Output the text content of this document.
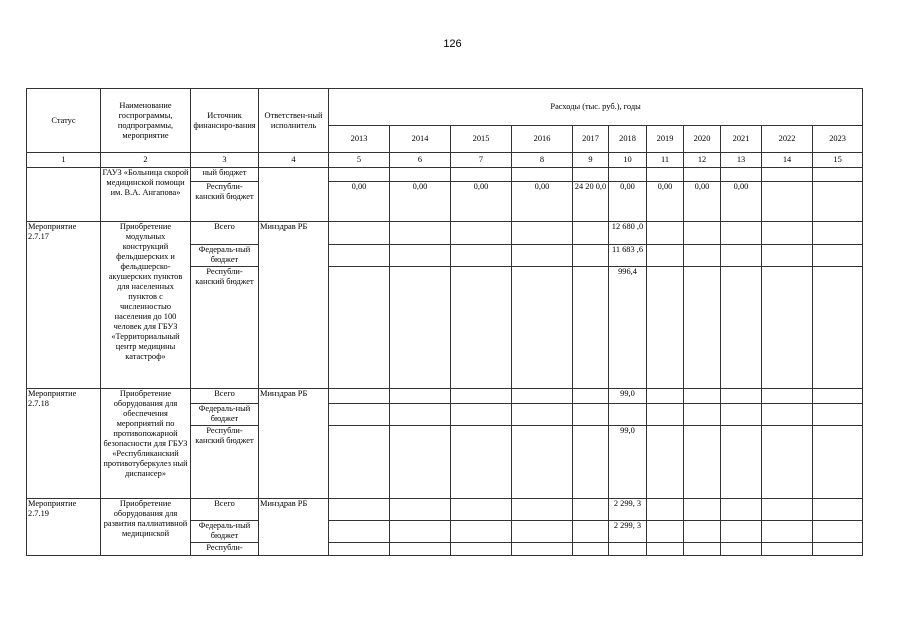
126
Статус	Наименование госпрограммы, подпрограммы, мероприятие	Источник финансиро-вания	Ответствен-ный исполнитель	Расходы (тыс. руб.), годы										
				2013	2014	2015	2016	2017	2018	2019	2020	2021	2022	2023
1	2	3	4	5	6	7	8	9	10	11	12	13	14	15
	ГАУЗ «Больница скорой медицинской помощи им. В.А. Ангапова»	ный бюджет												
		Республи-канский бюджет		0,00	0,00	0,00	0,00	24 20 0,0	0,00	0,00	0,00	0,00		
Мероприятие 2.7.17	Приобретение модульных конструкций фельдшерских и фельдшерско-акушерских пунктов для населенных пунктов с численностью населения до 100 человек для ГБУЗ «Территориальный центр медицины катастроф»	Всего	Минздрав РБ						12 680 ,0					
		Федераль-ный бюджет							11 683 ,6					
		Республи-канский бюджет							996,4					
Мероприятие 2.7.18	Приобретение оборудования для обеспечения мероприятий по противопожарной безопасности для ГБУЗ «Республиканский противотуберкулез ный диспансер»	Всего	Минздрав РБ						99,0					
		Федераль-ный бюджет												
		Республи-канский бюджет							99,0					
Мероприятие 2.7.19	Приобретение оборудования для развития паллиативной медицинской	Всего	Минздрав РБ						2 299, 3					
		Федераль-ный бюджет							2 299, 3					
		Республи-												
